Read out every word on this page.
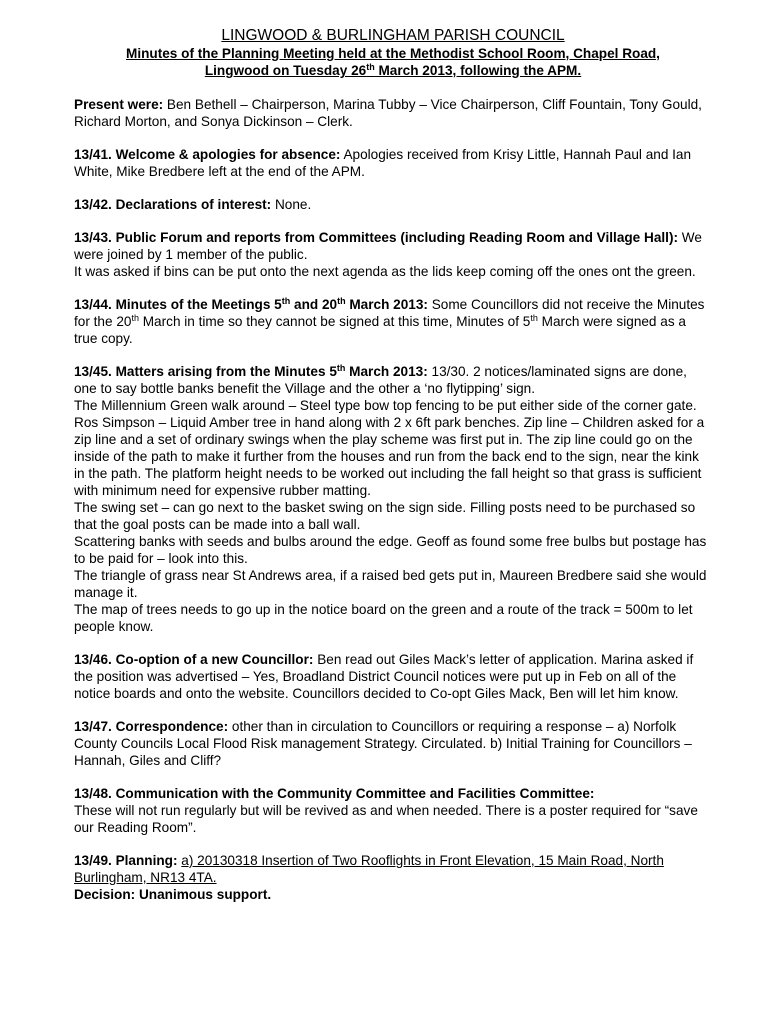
LINGWOOD & BURLINGHAM PARISH COUNCIL

Minutes of the Planning Meeting held at the Methodist School Room, Chapel Road,
Lingwood on Tuesday 26th March 2013, following the APM.

Present were: Ben Bethell – Chairperson, Marina Tubby – Vice Chairperson, Cliff Fountain, Tony Gould, Richard Morton, and Sonya Dickinson – Clerk.

13/41. Welcome & apologies for absence: Apologies received from Krisy Little, Hannah Paul and Ian White, Mike Bredbere left at the end of the APM.

13/42. Declarations of interest: None.

13/43. Public Forum and reports from Committees (including Reading Room and Village Hall): We were joined by 1 member of the public.

It was asked if bins can be put onto the next agenda as the lids keep coming off the ones ont the green.

13/44. Minutes of the Meetings 5th and 20th March 2013: Some Councillors did not receive the Minutes for the 20th March in time so they cannot be signed at this time, Minutes of 5th March were signed as a true copy.

13/45. Matters arising from the Minutes 5th March 2013: 13/30. 2 notices/laminated signs are done, one to say bottle banks benefit the Village and the other a ‘no flytipping’ sign.

The Millennium Green walk around – Steel type bow top fencing to be put either side of the corner gate. Ros Simpson – Liquid Amber tree in hand along with 2 x 6ft park benches. Zip line – Children asked for a zip line and a set of ordinary swings when the play scheme was first put in. The zip line could go on the inside of the path to make it further from the houses and run from the back end to the sign, near the kink in the path. The platform height needs to be worked out including the fall height so that grass is sufficient with minimum need for expensive rubber matting.

The swing set – can go next to the basket swing on the sign side. Filling posts need to be purchased so that the goal posts can be made into a ball wall.

Scattering banks with seeds and bulbs around the edge. Geoff as found some free bulbs but postage has to be paid for – look into this.

The triangle of grass near St Andrews area, if a raised bed gets put in, Maureen Bredbere said she would manage it.

The map of trees needs to go up in the notice board on the green and a route of the track = 500m to let people know.

13/46. Co-option of a new Councillor: Ben read out Giles Mack’s letter of application. Marina asked if the position was advertised – Yes, Broadland District Council notices were put up in Feb on all of the notice boards and onto the website. Councillors decided to Co-opt Giles Mack, Ben will let him know.

13/47. Correspondence: other than in circulation to Councillors or requiring a response – a) Norfolk County Councils Local Flood Risk management Strategy. Circulated. b) Initial Training for Councillors – Hannah, Giles and Cliff?

13/48. Communication with the Community Committee and Facilities Committee:

These will not run regularly but will be revived as and when needed. There is a poster required for “save our Reading Room”.

13/49. Planning: a) 20130318 Insertion of Two Rooflights in Front Elevation, 15 Main Road, North Burlingham, NR13 4TA.

Decision: Unanimous support.
